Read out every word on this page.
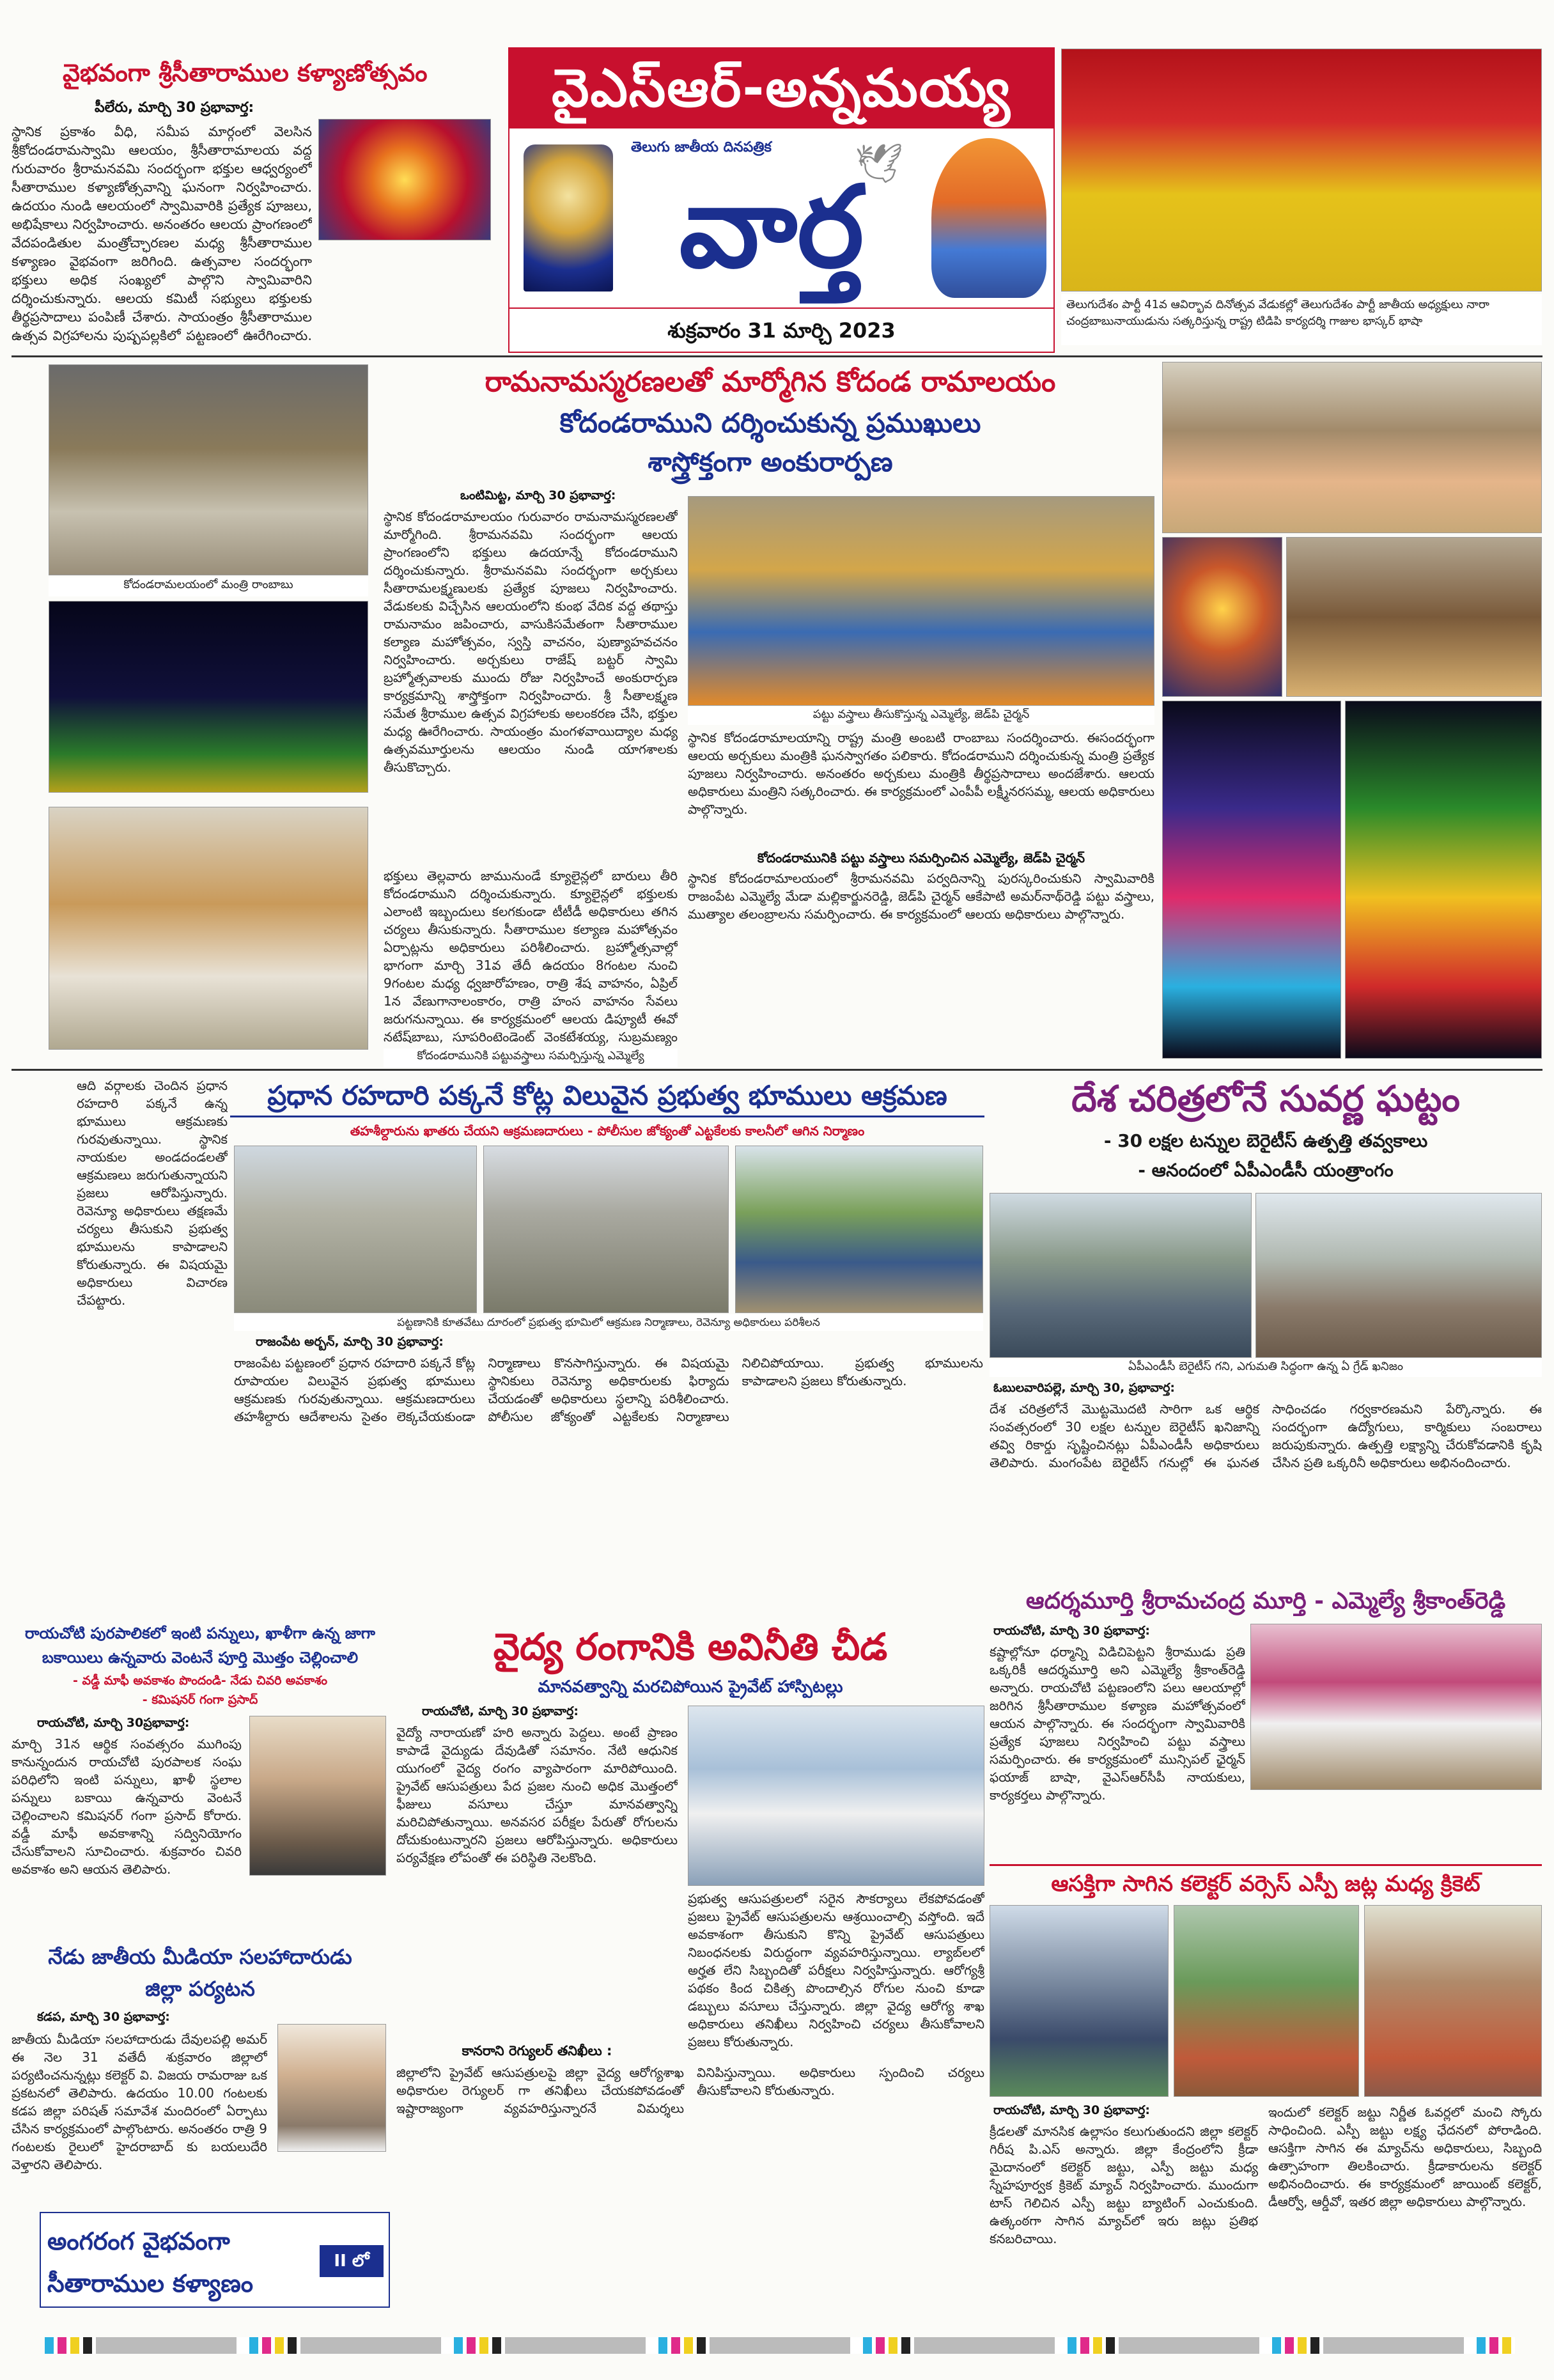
వైఎస్ఆర్-అన్నమయ్య
తెలుగు జాతీయ దినపత్రిక	🕊
వార్త
శుక్రవారం 31 మార్చి 2023
వైభవంగా శ్రీసీతారాముల కళ్యాణోత్సవం
పీలేరు, మార్చి 30 ప్రభావార్త:
స్థానిక ప్రకాశం వీధి, సమీప మార్గంలో వెలసిన శ్రీకోదండరామస్వామి ఆలయం, శ్రీసీతారామాలయ వద్ద గురువారం శ్రీరామనవమి సందర్భంగా భక్తుల ఆధ్వర్యంలో సీతారాముల కళ్యాణోత్సవాన్ని ఘనంగా నిర్వహించారు. ఉదయం నుండి ఆలయంలో స్వామివారికి ప్రత్యేక పూజలు, అభిషేకాలు నిర్వహించారు. అనంతరం ఆలయ ప్రాంగణంలో వేదపండితుల మంత్రోచ్ఛారణల మధ్య శ్రీసీతారాముల కళ్యాణం వైభవంగా జరిగింది. ఉత్సవాల సందర్భంగా భక్తులు అధిక సంఖ్యలో పాల్గొని స్వామివారిని దర్శించుకున్నారు. ఆలయ కమిటీ సభ్యులు భక్తులకు తీర్థప్రసాదాలు పంపిణీ చేశారు. సాయంత్రం శ్రీసీతారాముల ఉత్సవ విగ్రహాలను పుష్పపల్లకిలో పట్టణంలో ఊరేగించారు.
తెలుగుదేశం పార్టీ 41వ ఆవిర్భావ దినోత్సవ వేడుకల్లో తెలుగుదేశం పార్టీ జాతీయ అధ్యక్షులు నారా చంద్రబాబునాయుడును సత్కరిస్తున్న రాష్ట్ర టిడిపి కార్యదర్శి గాజుల భాస్కర్ భాషా
కోదండరామలయంలో మంత్రి రాంబాబు
రామనామస్మరణలతో మార్మోగిన కోదండ రామాలయం
కోదండరాముని దర్శించుకున్న ప్రముఖులు
శాస్త్రోక్తంగా అంకురార్పణ
ఒంటిమిట్ట, మార్చి 30 ప్రభావార్త:
స్థానిక కోదండరామాలయం గురువారం రామనామస్మరణలతో మార్మోగింది. శ్రీరామనవమి సందర్భంగా ఆలయ ప్రాంగణంలోని భక్తులు ఉదయాన్నే కోదండరాముని దర్శించుకున్నారు. శ్రీరామనవమి సందర్భంగా అర్చకులు సీతారామలక్ష్మణులకు ప్రత్యేక పూజలు నిర్వహించారు. వేడుకలకు విచ్చేసిన ఆలయంలోని కుంభ వేదిక వద్ద తథాస్తు రామనామం జపించారు, వాసుకిసమేతంగా సీతారాముల కల్యాణ మహోత్సవం, స్వస్తి వాచనం, పుణ్యాహవచనం నిర్వహించారు. అర్చకులు రాజేష్ బట్టర్ స్వామి బ్రహ్మోత్సవాలకు ముందు రోజు నిర్వహించే అంకురార్పణ కార్యక్రమాన్ని శాస్త్రోక్తంగా నిర్వహించారు. శ్రీ సీతాలక్ష్మణ సమేత శ్రీరాముల ఉత్సవ విగ్రహాలకు అలంకరణ చేసి, భక్తుల మధ్య ఊరేగించారు. సాయంత్రం మంగళవాయిద్యాల మధ్య ఉత్సవమూర్తులను ఆలయం నుండి యాగశాలకు తీసుకొచ్చారు.
భక్తులు తెల్లవారు జామునుండే క్యూలైన్లలో బారులు తీరి కోదండరాముని దర్శించుకున్నారు. క్యూలైన్లలో భక్తులకు ఎలాంటి ఇబ్బందులు కలగకుండా టీటీడీ అధికారులు తగిన చర్యలు తీసుకున్నారు. సీతారాముల కల్యాణ మహోత్సవం ఏర్పాట్లను అధికారులు పరిశీలించారు. బ్రహ్మోత్సవాల్లో భాగంగా మార్చి 31వ తేదీ ఉదయం 8గంటల నుంచి 9గంటల మధ్య ధ్వజారోహణం, రాత్రి శేష వాహనం, ఏప్రిల్ 1న వేణుగానాలంకారం, రాత్రి హంస వాహనం సేవలు జరుగనున్నాయి. ఈ కార్యక్రమంలో ఆలయ డిప్యూటీ ఈవో నటేష్‌బాబు, సూపరింటెండెంట్ వెంకటేశయ్య, సుబ్రమణ్యం
కోదండరామునికి పట్టువస్త్రాలు సమర్పిస్తున్న ఎమ్మెల్యే
పట్టు వస్త్రాలు తీసుకొస్తున్న ఎమ్మెల్యే, జెడ్‌పి చైర్మన్
స్థానిక కోదండరామాలయాన్ని రాష్ట్ర మంత్రి అంబటి రాంబాబు సందర్శించారు. ఈసందర్భంగా ఆలయ అర్చకులు మంత్రికి ఘనస్వాగతం పలికారు. కోదండరాముని దర్శించుకున్న మంత్రి ప్రత్యేక పూజలు నిర్వహించారు. అనంతరం అర్చకులు మంత్రికి తీర్థప్రసాదాలు అందజేశారు. ఆలయ అధికారులు మంత్రిని సత్కరించారు. ఈ కార్యక్రమంలో ఎంపీపీ లక్ష్మీనరసమ్మ, ఆలయ అధికారులు పాల్గొన్నారు.
కోదండరామునికి పట్టు వస్త్రాలు సమర్పించిన ఎమ్మెల్యే, జెడ్‌పి చైర్మన్
స్థానిక కోదండరామాలయంలో శ్రీరామనవమి పర్వదినాన్ని పురస్కరించుకుని స్వామివారికి రాజంపేట ఎమ్మెల్యే మేడా మల్లికార్జునరెడ్డి, జెడ్‌పి చైర్మన్ ఆకేపాటి అమర్‌నాథ్‌రెడ్డి పట్టు వస్త్రాలు, ముత్యాల తలంబ్రాలను సమర్పించారు. ఈ కార్యక్రమంలో ఆలయ అధికారులు పాల్గొన్నారు.
ఆది వర్గాలకు చెందిన ప్రధాన రహదారి పక్కనే ఉన్న భూములు ఆక్రమణకు గురవుతున్నాయి. స్థానిక నాయకుల అండదండలతో ఆక్రమణలు జరుగుతున్నాయని ప్రజలు ఆరోపిస్తున్నారు. రెవెన్యూ అధికారులు తక్షణమే చర్యలు తీసుకుని ప్రభుత్వ భూములను కాపాడాలని కోరుతున్నారు. ఈ విషయమై అధికారులు విచారణ చేపట్టారు.
ప్రధాన రహదారి పక్కనే కోట్ల విలువైన ప్రభుత్వ భూములు ఆక్రమణ
తహశీల్దారును ఖాతరు చేయని ఆక్రమణదారులు - పోలీసుల జోక్యంతో ఎట్టకేలకు కాలనీలో ఆగిన నిర్మాణం
పట్టణానికి కూతవేటు దూరంలో ప్రభుత్వ భూమిలో ఆక్రమణ నిర్మాణాలు, రెవెన్యూ అధికారులు పరిశీలన
రాజంపేట అర్బన్, మార్చి 30 ప్రభావార్త:
రాజంపేట పట్టణంలో ప్రధాన రహదారి పక్కనే కోట్ల రూపాయల విలువైన ప్రభుత్వ భూములు ఆక్రమణకు గురవుతున్నాయి. ఆక్రమణదారులు తహశీల్దారు ఆదేశాలను సైతం లెక్కచేయకుండా నిర్మాణాలు కొనసాగిస్తున్నారు. ఈ విషయమై స్థానికులు రెవెన్యూ అధికారులకు ఫిర్యాదు చేయడంతో అధికారులు స్థలాన్ని పరిశీలించారు. పోలీసుల జోక్యంతో ఎట్టకేలకు నిర్మాణాలు నిలిచిపోయాయి. ప్రభుత్వ భూములను కాపాడాలని ప్రజలు కోరుతున్నారు.
దేశ చరిత్రలోనే సువర్ణ ఘట్టం
- 30 లక్షల టన్నుల బెరైటీస్ ఉత్పత్తి తవ్వకాలు
- ఆనందంలో ఏపీఎండీసీ యంత్రాంగం
ఏపీఎండీసీ బెరైటీస్ గని, ఎగుమతి సిద్ధంగా ఉన్న ఏ గ్రేడ్ ఖనిజం
ఓబులవారిపల్లె, మార్చి 30, ప్రభావార్త:
దేశ చరిత్రలోనే మొట్టమొదటి సారిగా ఒక ఆర్థిక సంవత్సరంలో 30 లక్షల టన్నుల బెరైటీస్ ఖనిజాన్ని తవ్వి రికార్డు సృష్టించినట్లు ఏపీఎండీసీ అధికారులు తెలిపారు. మంగంపేట బెరైటీస్ గనుల్లో ఈ ఘనత సాధించడం గర్వకారణమని పేర్కొన్నారు. ఈ సందర్భంగా ఉద్యోగులు, కార్మికులు సంబరాలు జరుపుకున్నారు. ఉత్పత్తి లక్ష్యాన్ని చేరుకోవడానికి కృషి చేసిన ప్రతి ఒక్కరినీ అధికారులు అభినందించారు.
ఆదర్శమూర్తి శ్రీరామచంద్ర మూర్తి - ఎమ్మెల్యే శ్రీకాంత్‌రెడ్డి
రాయచోటి, మార్చి 30 ప్రభావార్త:
కష్టాల్లోనూ ధర్మాన్ని విడిచిపెట్టని శ్రీరాముడు ప్రతి ఒక్కరికీ ఆదర్శమూర్తి అని ఎమ్మెల్యే శ్రీకాంత్‌రెడ్డి అన్నారు. రాయచోటి పట్టణంలోని పలు ఆలయాల్లో జరిగిన శ్రీసీతారాముల కళ్యాణ మహోత్సవంలో ఆయన పాల్గొన్నారు. ఈ సందర్భంగా స్వామివారికి ప్రత్యేక పూజలు నిర్వహించి పట్టు వస్త్రాలు సమర్పించారు. ఈ కార్యక్రమంలో మున్సిపల్ ఛైర్మన్ ఫయాజ్ బాషా, వైఎస్‌ఆర్‌సీపీ నాయకులు, కార్యకర్తలు పాల్గొన్నారు.
ఆసక్తిగా సాగిన కలెక్టర్ వర్సెస్ ఎస్పీ జట్ల మధ్య క్రికెట్
రాయచోటి, మార్చి 30 ప్రభావార్త:
క్రీడలతో మానసిక ఉల్లాసం కలుగుతుందని జిల్లా కలెక్టర్ గిరీష పి.ఎస్ అన్నారు. జిల్లా కేంద్రంలోని క్రీడా మైదానంలో కలెక్టర్ జట్టు, ఎస్పీ జట్టు మధ్య స్నేహపూర్వక క్రికెట్ మ్యాచ్ నిర్వహించారు. ముందుగా టాస్ గెలిచిన ఎస్పీ జట్టు బ్యాటింగ్ ఎంచుకుంది. ఉత్కంఠగా సాగిన మ్యాచ్‌లో ఇరు జట్లు ప్రతిభ కనబరిచాయి.
ఇందులో కలెక్టర్ జట్టు నిర్ణీత ఓవర్లలో మంచి స్కోరు సాధించింది. ఎస్పీ జట్టు లక్ష్య ఛేదనలో పోరాడింది. ఆసక్తిగా సాగిన ఈ మ్యాచ్‌ను అధికారులు, సిబ్బంది ఉత్సాహంగా తిలకించారు. క్రీడాకారులను కలెక్టర్ అభినందించారు. ఈ కార్యక్రమంలో జాయింట్ కలెక్టర్, డీఆర్వో, ఆర్డీవో, ఇతర జిల్లా అధికారులు పాల్గొన్నారు.
వైద్య రంగానికి అవినీతి చీడ
మానవత్వాన్ని మరచిపోయిన ప్రైవేట్ హాస్పిటల్లు
రాయచోటి, మార్చి 30 ప్రభావార్త:
వైద్యో నారాయణో హరి అన్నారు పెద్దలు. అంటే ప్రాణం కాపాడే వైద్యుడు దేవుడితో సమానం. నేటి ఆధునిక యుగంలో వైద్య రంగం వ్యాపారంగా మారిపోయింది. ప్రైవేట్ ఆసుపత్రులు పేద ప్రజల నుంచి అధిక మొత్తంలో ఫీజులు వసూలు చేస్తూ మానవత్వాన్ని మరిచిపోతున్నాయి. అనవసర పరీక్షల పేరుతో రోగులను దోచుకుంటున్నారని ప్రజలు ఆరోపిస్తున్నారు. అధికారులు పర్యవేక్షణ లోపంతో ఈ పరిస్థితి నెలకొంది.
ప్రభుత్వ ఆసుపత్రులలో సరైన సౌకర్యాలు లేకపోవడంతో ప్రజలు ప్రైవేట్ ఆసుపత్రులను ఆశ్రయించాల్సి వస్తోంది. ఇదే అవకాశంగా తీసుకుని కొన్ని ప్రైవేట్ ఆసుపత్రులు నిబంధనలకు విరుద్ధంగా వ్యవహరిస్తున్నాయి. ల్యాబ్‌లలో అర్హత లేని సిబ్బందితో పరీక్షలు నిర్వహిస్తున్నారు. ఆరోగ్యశ్రీ పథకం కింద చికిత్స పొందాల్సిన రోగుల నుంచి కూడా డబ్బులు వసూలు చేస్తున్నారు. జిల్లా వైద్య ఆరోగ్య శాఖ అధికారులు తనిఖీలు నిర్వహించి చర్యలు తీసుకోవాలని ప్రజలు కోరుతున్నారు.
కానరాని రెగ్యులర్ తనిఖీలు :
జిల్లాలోని ప్రైవేట్ ఆసుపత్రులపై జిల్లా వైద్య ఆరోగ్యశాఖ అధికారుల రెగ్యులర్ గా తనిఖీలు చేయకపోవడంతో ఇష్టారాజ్యంగా వ్యవహరిస్తున్నారనే విమర్శలు వినిపిస్తున్నాయి. అధికారులు స్పందించి చర్యలు తీసుకోవాలని కోరుతున్నారు.
రాయచోటి పురపాలికలో ఇంటి పన్నులు, ఖాళీగా ఉన్న జాగా బకాయిలు ఉన్నవారు వెంటనే పూర్తి మొత్తం చెల్లించాలి
- వడ్డీ మాఫీ అవకాశం పొందండి- నేడు చివరి అవకాశం
- కమిషనర్ గంగా ప్రసాద్
రాయచోటి, మార్చి 30ప్రభావార్త:
మార్చి 31న ఆర్థిక సంవత్సరం ముగింపు కానున్నందున రాయచోటి పురపాలక సంఘ పరిధిలోని ఇంటి పన్నులు, ఖాళీ స్థలాల పన్నులు బకాయి ఉన్నవారు వెంటనే చెల్లించాలని కమిషనర్ గంగా ప్రసాద్ కోరారు. వడ్డీ మాఫీ అవకాశాన్ని సద్వినియోగం చేసుకోవాలని సూచించారు. శుక్రవారం చివరి అవకాశం అని ఆయన తెలిపారు.
నేడు జాతీయ మీడియా సలహాదారుడు
జిల్లా పర్యటన
కడప, మార్చి 30 ప్రభావార్త:
జాతీయ మీడియా సలహాదారుడు దేవులపల్లి అమర్ ఈ నెల 31 వతేదీ శుక్రవారం జిల్లాలో పర్యటించనున్నట్లు కలెక్టర్ వి. విజయ రామరాజు ఒక ప్రకటనలో తెలిపారు. ఉదయం 10.00 గంటలకు కడప జిల్లా పరిషత్ సమావేశ మందిరంలో ఏర్పాటు చేసిన కార్యక్రమంలో పాల్గొంటారు. అనంతరం రాత్రి 9 గంటలకు రైలులో హైదరాబాద్ కు బయలుదేరి వెళ్తారని తెలిపారు.
అంగరంగ వైభవంగా
సీతారాముల కళ్యాణం
II లో
